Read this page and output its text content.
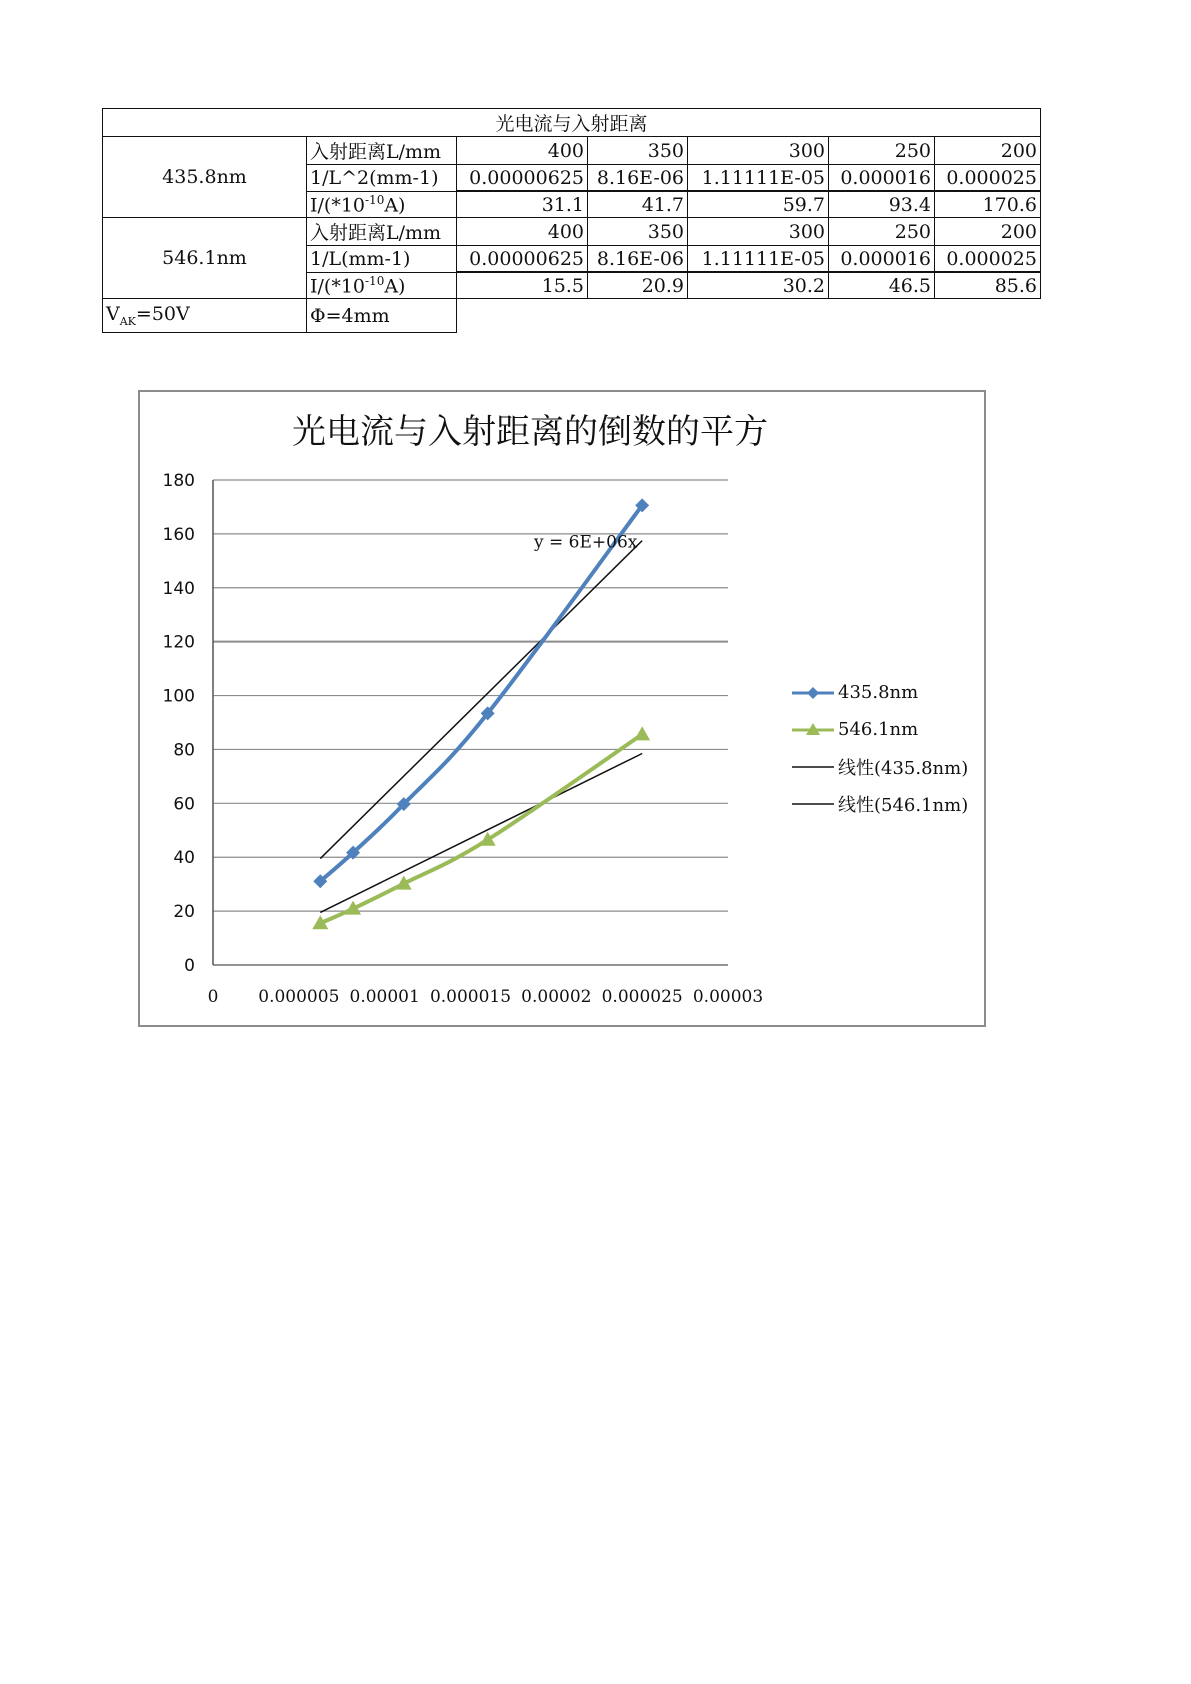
光电流与入射距离						
435.8nm	入射距离L/mm	400	350	300	250	200
	1/L^2(mm-1)	0.00000625	8.16E-06	1.11111E-05	0.000016	0.000025
	$I/(*10^{-10}A)$	31.1	41.7	59.7	93.4	170.6
546.1nm	入射距离L/mm	400	350	300	250	200
	1/L(mm-1)	0.00000625	8.16E-06	1.11111E-05	0.000016	0.000025
	$I/(*10^{-10}A)$	15.5	20.9	30.2	46.5	85.6
$V_{AK}=50V$	Φ=4mm					
光电流与入射距离的倒数的平方
0
20
40
60
80
100
120
140
160
180
0 0.000005 0.00001 0.000015 0.00002 0.000025 0.00003
y = 6E+06x
435.8nm
546.1nm
线性(435.8nm)
线性(546.1nm)
